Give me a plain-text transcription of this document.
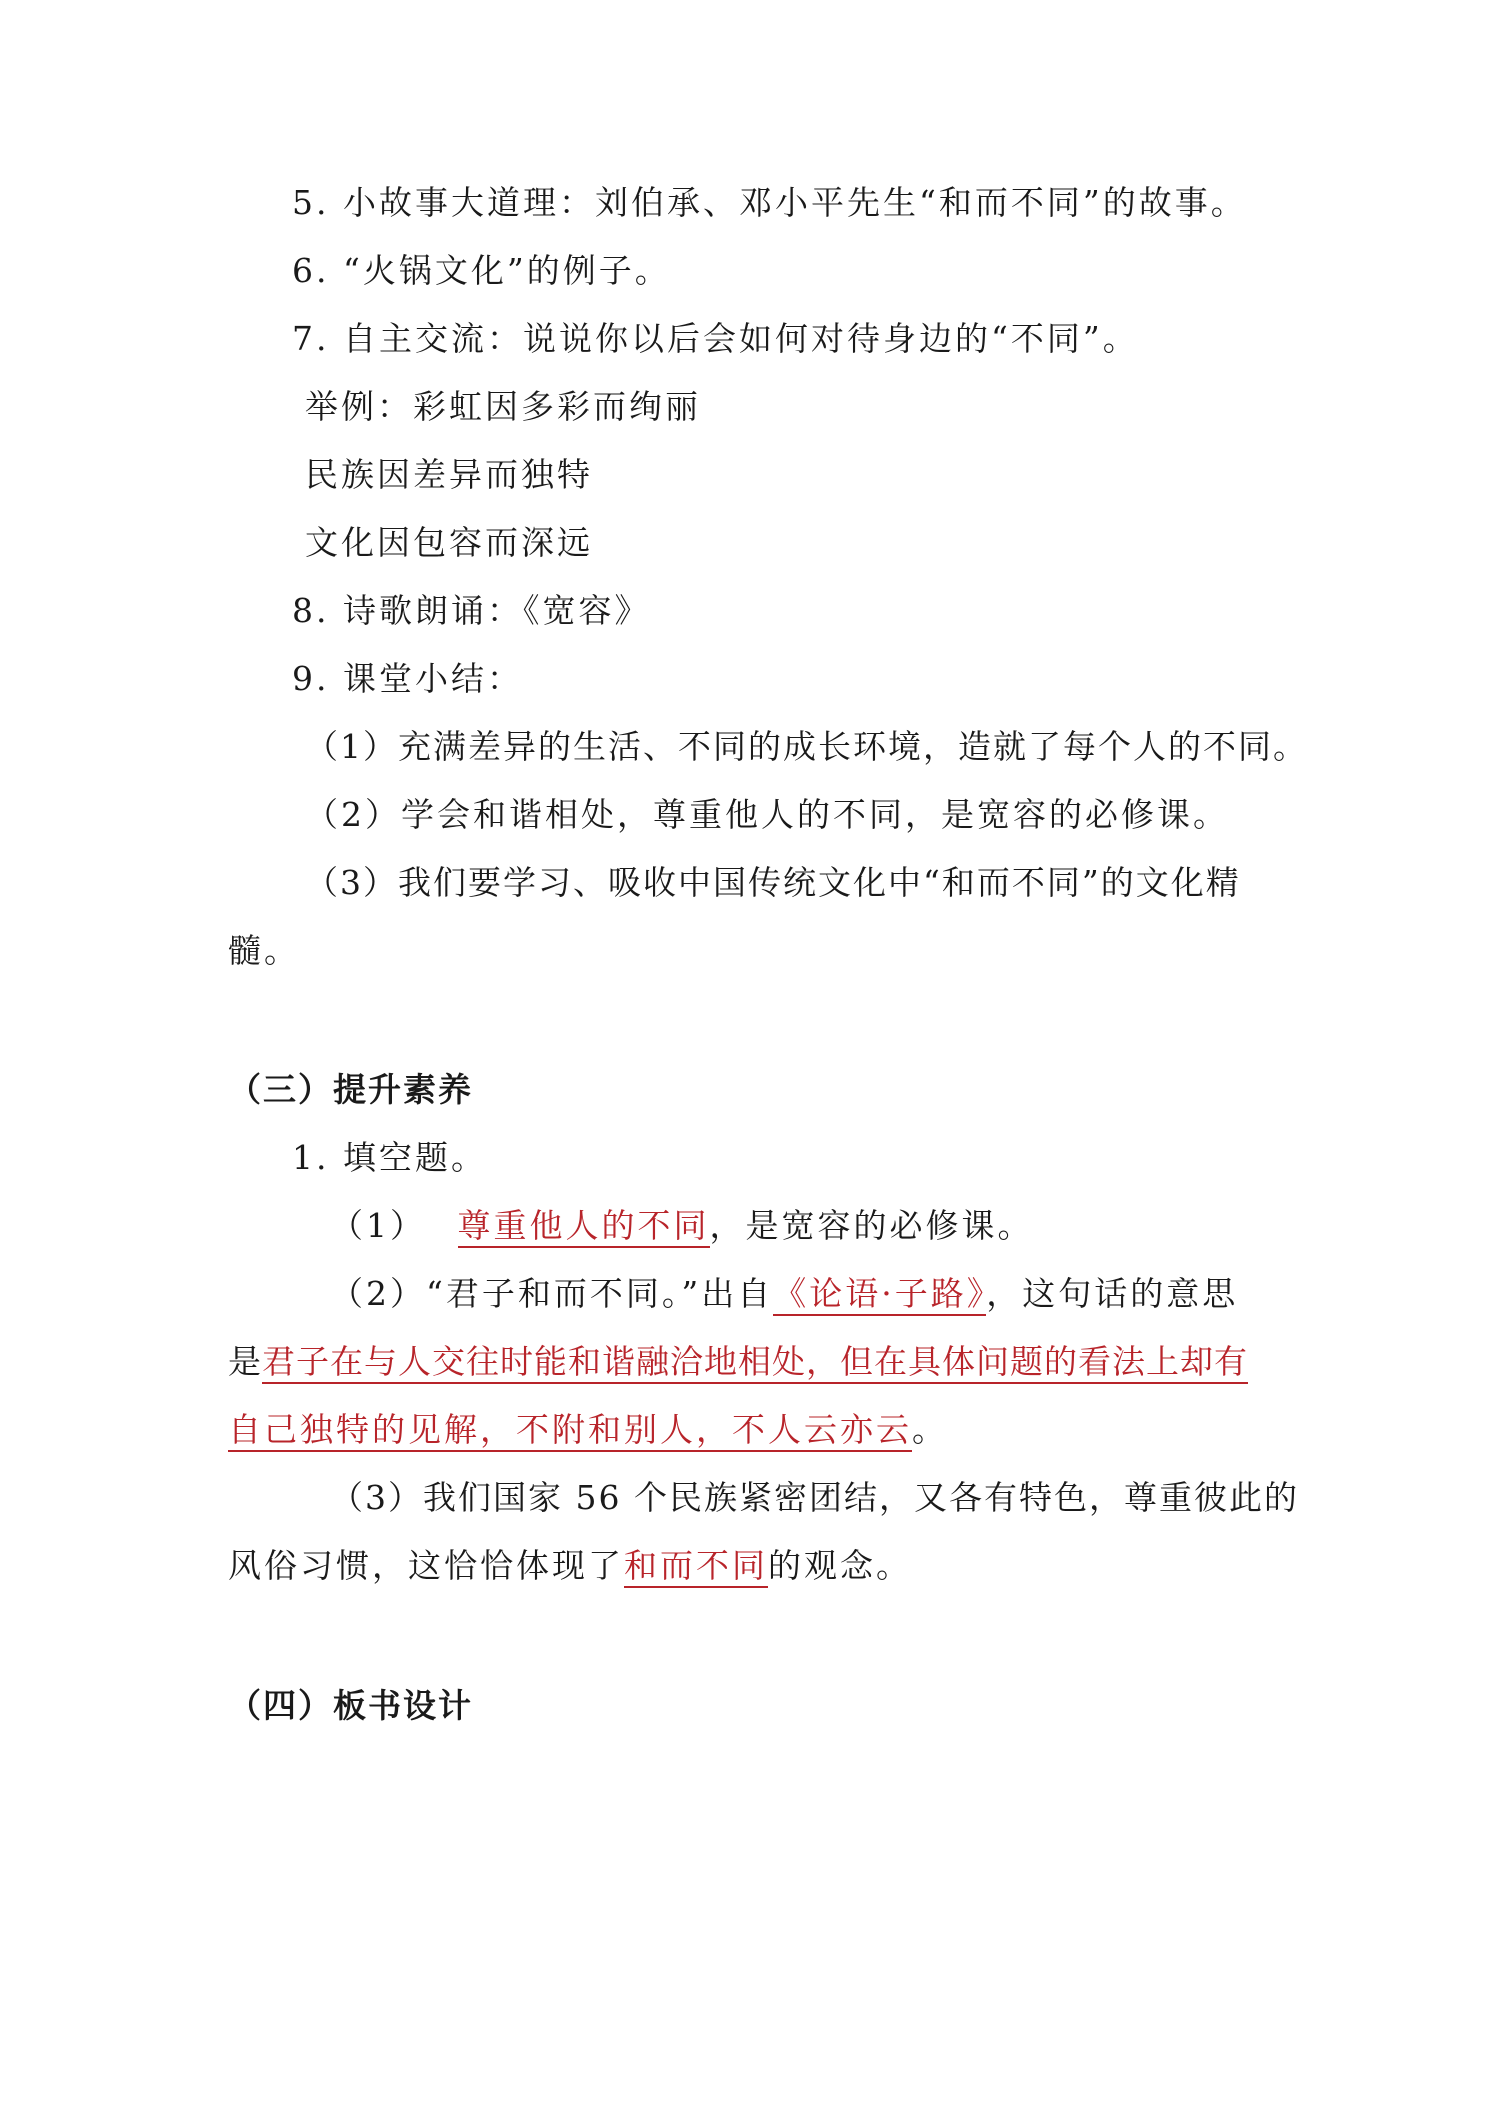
5. 小故事大道理：刘伯承、邓小平先生“和而不同”的故事。
6. “火锅文化”的例子。
7. 自主交流：说说你以后会如何对待身边的“不同”。
举例：彩虹因多彩而绚丽
民族因差异而独特
文化因包容而深远
8. 诗歌朗诵：《宽容》
9. 课堂小结：
（1）充满差异的生活、不同的成长环境，造就了每个人的不同。
（2）学会和谐相处，尊重他人的不同，是宽容的必修课。
（3）我们要学习、吸收中国传统文化中“和而不同”的文化精
髓。
（三）提升素养
1. 填空题。
（1） 尊重他人的不同，是宽容的必修课。
（2）“君子和而不同。”出自《论语·子路》，这句话的意思
是君子在与人交往时能和谐融洽地相处，但在具体问题的看法上却有
自己独特的见解，不附和别人，不人云亦云。
（3）我们国家 56 个民族紧密团结，又各有特色，尊重彼此的
风俗习惯，这恰恰体现了和而不同的观念。
（四）板书设计
